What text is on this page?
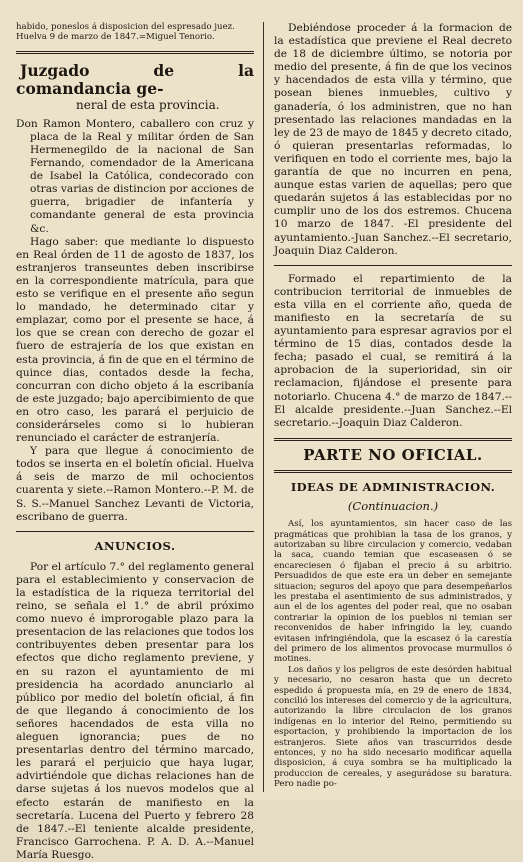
habido, poneslos á disposicion del espresado juez.

Huelva 9 de marzo de 1847.=Miguel Tenorio.

Juzgado de la comandancia ge-

neral de esta provincia.

Don Ramon Montero, caballero con cruz y placa de la Real y militar órden de San Hermenegildo de la nacional de San Fernando, comendador de la Americana de Isabel la Católica, condecorado con otras varias de distincion por acciones de guerra, brigadier de infantería y comandante general de esta provincia &c.

Hago saber: que mediante lo dispuesto en Real órden de 11 de agosto de 1837, los estranjeros transeuntes deben inscribirse en la correspondiente matrícula, para que esto se verifique en el presente año segun lo mandado, he determinado citar y emplazar, como por el presente se hace, á los que se crean con derecho de gozar el fuero de estrajería de los que existan en esta provincia, á fin de que en el término de quince dias, contados desde la fecha, concurran con dicho objeto á la escribanía de este juzgado; bajo apercibimiento de que en otro caso, les parará el perjuicio de considerárseles como si lo hubieran renunciado el carácter de estranjería.

Y para que llegue á conocimiento de todos se inserta en el boletín oficial. Huelva á seis de marzo de mil ochocientos cuarenta y siete.--Ramon Montero.--P. M. de S. S.--Manuel Sanchez Levanti de Victoria, escribano de guerra.

ANUNCIOS.

Por el artículo 7.° del reglamento general para el establecimiento y conservacion de la estadística de la riqueza territorial del reino, se señala el 1.° de abril próximo como nuevo é improrogable plazo para la presentacion de las relaciones que todos los contribuyentes deben presentar para los efectos que dicho reglamento previene, y en su razon el ayuntamiento de mi presidencia ha acordado anunciarlo al público por medio del boletín oficial, á fin de que llegando á conocimiento de los señores hacendados de esta villa no aleguen ignorancia; pues de no presentarlas dentro del término marcado, les parará el perjuicio que haya lugar, advirtiéndole que dichas relaciones han de darse sujetas á los nuevos modelos que al efecto estarán de manifiesto en la secretaría. Lucena del Puerto y febrero 28 de 1847.--El teniente alcalde presidente, Francisco Garrochena. P. A. D. A.--Manuel María Ruesgo.

Debiéndose proceder á la formacion de la estadística que previene el Real decreto de 18 de diciembre último, se notoria por medio del presente, á fin de que los vecinos y hacendados de esta villa y término, que posean bienes inmuebles, cultivo y ganadería, ó los administren, que no han presentado las relaciones mandadas en la ley de 23 de mayo de 1845 y decreto citado, ó quieran presentarlas reformadas, lo verifiquen en todo el corriente mes, bajo la garantía de que no incurren en pena, aunque estas varien de aquellas; pero que quedarán sujetos á las establecidas por no cumplir uno de los dos estremos. Chucena 10 marzo de 1847. -El presidente del ayuntamiento.-Juan Sanchez.--El secretario, Joaquin Diaz Calderon.

Formado el repartimiento de la contribucion territorial de inmuebles de esta villa en el corriente año, queda de manifiesto en la secretaría de su ayuntamiento para espresar agravios por el término de 15 dias, contados desde la fecha; pasado el cual, se remitirá á la aprobacion de la superioridad, sin oir reclamacion, fijándose el presente para notoriarlo. Chucena 4.° de marzo de 1847.--El alcalde presidente.--Juan Sanchez.--El secretario.--Joaquin Diaz Calderon.

PARTE NO OFICIAL.

IDEAS DE ADMINISTRACION.

(Continuacion.)

Así, los ayuntamientos, sin hacer caso de las pragmáticas que prohibian la tasa de los granos, y autorizaban su libre circulacion y comercio, vedaban la saca, cuando temian que escaseasen ó se encareciesen ó fijaban el precio á su arbitrio. Persuadidos de que este era un deber en semejante situacion; seguros del apoyo que para desempeñarlos les prestaba el asentimiento de sus administrados, y aun el de los agentes del poder real, que no osaban contrariar la opinion de los pueblos ni temian ser reconvenidos de haber infringido la ley, cuando evitasen infringiéndola, que la escasez ó la carestía del primero de los alimentos provocase murmullos ó motines.

Los daños y los peligros de este desórden habitual y necesario, no cesaron hasta que un decreto espedido á propuesta mía, en 29 de enero de 1834, concilió los intereses del comercio y de la agricultura, autorizando la libre circulacion de los granos indígenas en lo interior del Reino, permitiendo su esportacion, y prohibiendo la importacion de los estranjeros. Siete años van trascurridos desde entonces, y no ha sido necesario modificar aquella disposicion, á cuya sombra se ha multiplicado la produccion de cereales, y asegurádose su baratura. Pero nadie po-
